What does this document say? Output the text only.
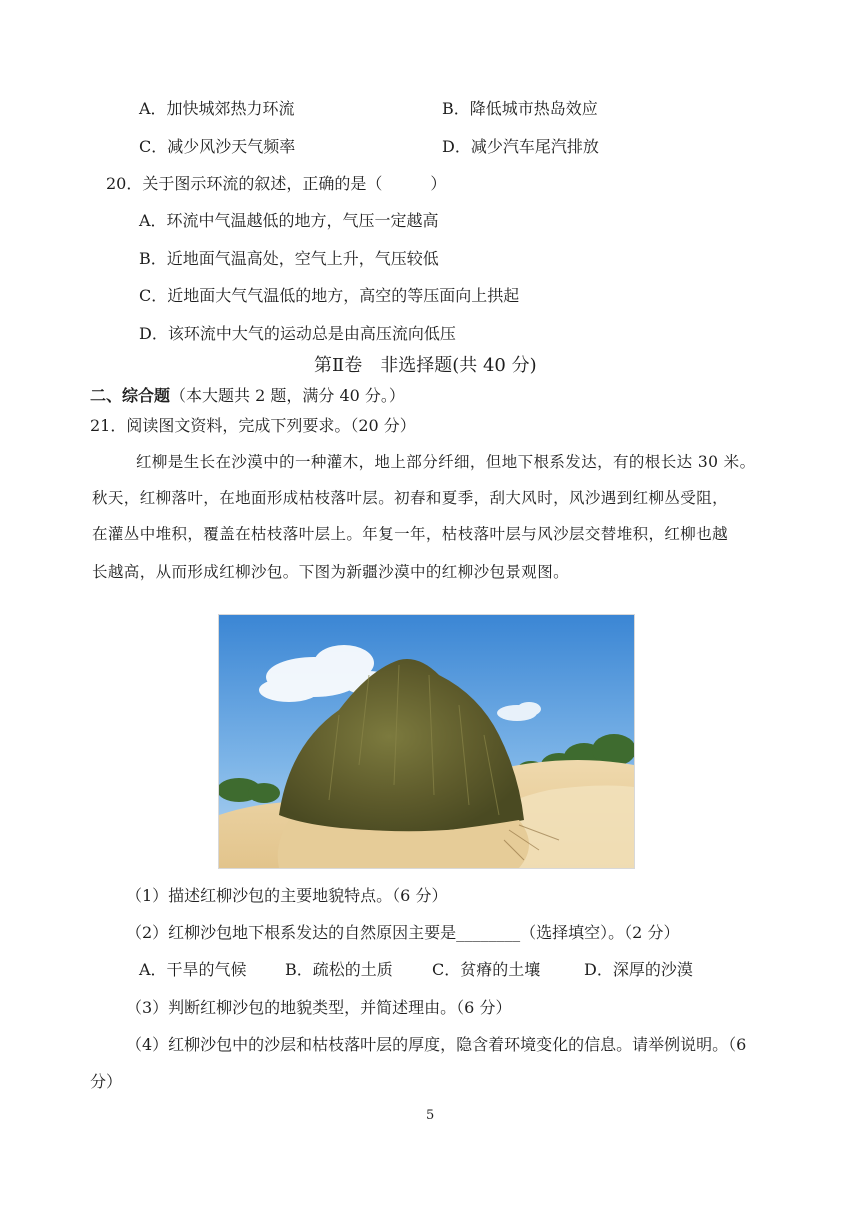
A．加快城郊热力环流	B．降低城市热岛效应
C．减少风沙天气频率	D．减少汽车尾汽排放
20．关于图示环流的叙述，正确的是（　　　）
A．环流中气温越低的地方，气压一定越高
B．近地面气温高处，空气上升，气压较低
C．近地面大气气温低的地方，高空的等压面向上拱起
D．该环流中大气的运动总是由高压流向低压
第Ⅱ卷　非选择题(共 40 分)
二、综合题（本大题共 2 题，满分 40 分。）
21．阅读图文资料，完成下列要求。（20 分）
红柳是生长在沙漠中的一种灌木，地上部分纤细，但地下根系发达，有的根长达 30 米。
秋天，红柳落叶，在地面形成枯枝落叶层。初春和夏季，刮大风时，风沙遇到红柳丛受阻，
在灌丛中堆积，覆盖在枯枝落叶层上。年复一年，枯枝落叶层与风沙层交替堆积，红柳也越
长越高，从而形成红柳沙包。下图为新疆沙漠中的红柳沙包景观图。
（1）描述红柳沙包的主要地貌特点。（6 分）
（2）红柳沙包地下根系发达的自然原因主要是________（选择填空）。（2 分）
A．干旱的气候 B．疏松的土质 C．贫瘠的土壤	D．深厚的沙漠
（3）判断红柳沙包的地貌类型，并简述理由。（6 分）
（4）红柳沙包中的沙层和枯枝落叶层的厚度，隐含着环境变化的信息。请举例说明。（6
分）
5
